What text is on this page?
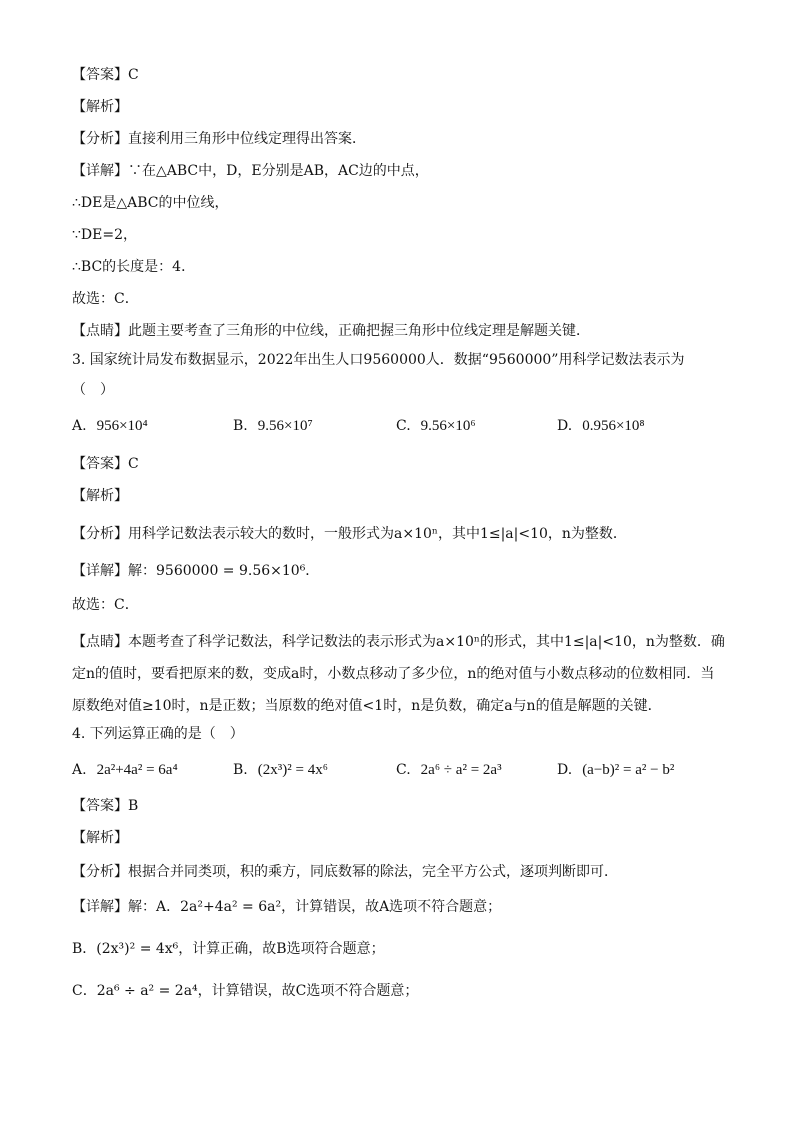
【答案】C
【解析】
【分析】直接利用三角形中位线定理得出答案．
【详解】∵在△ABC中，D，E分别是AB，AC边的中点，
∴DE是△ABC的中位线，
∵DE=2，
∴BC的长度是：4．
故选：C．
【点睛】此题主要考查了三角形的中位线，正确把握三角形中位线定理是解题关键．
3. 国家统计局发布数据显示，2022年出生人口9560000人．数据“9560000”用科学记数法表示为
（　）
A. 956×10⁴	B. 9.56×10⁷	C. 9.56×10⁶	D. 0.956×10⁸
【答案】C
【解析】
【分析】用科学记数法表示较大的数时，一般形式为a×10ⁿ，其中1≤|a|<10，n为整数．
【详解】解：9560000 = 9.56×10⁶．
故选：C．
【点睛】本题考查了科学记数法，科学记数法的表示形式为a×10ⁿ的形式，其中1≤|a|<10，n为整数．确
定n的值时，要看把原来的数，变成a时，小数点移动了多少位，n的绝对值与小数点移动的位数相同．当
原数绝对值≥10时，n是正数；当原数的绝对值<1时，n是负数，确定a与n的值是解题的关键．
4. 下列运算正确的是（　）
A. 2a²+4a² = 6a⁴	B. (2x³)² = 4x⁶	C. 2a⁶ ÷ a² = 2a³	D. (a−b)² = a² − b²
【答案】B
【解析】
【分析】根据合并同类项，积的乘方，同底数幂的除法，完全平方公式，逐项判断即可．
【详解】解：A．2a²+4a² = 6a²，计算错误，故A选项不符合题意；
B．(2x³)² = 4x⁶，计算正确，故B选项符合题意；
C．2a⁶ ÷ a² = 2a⁴，计算错误，故C选项不符合题意；
